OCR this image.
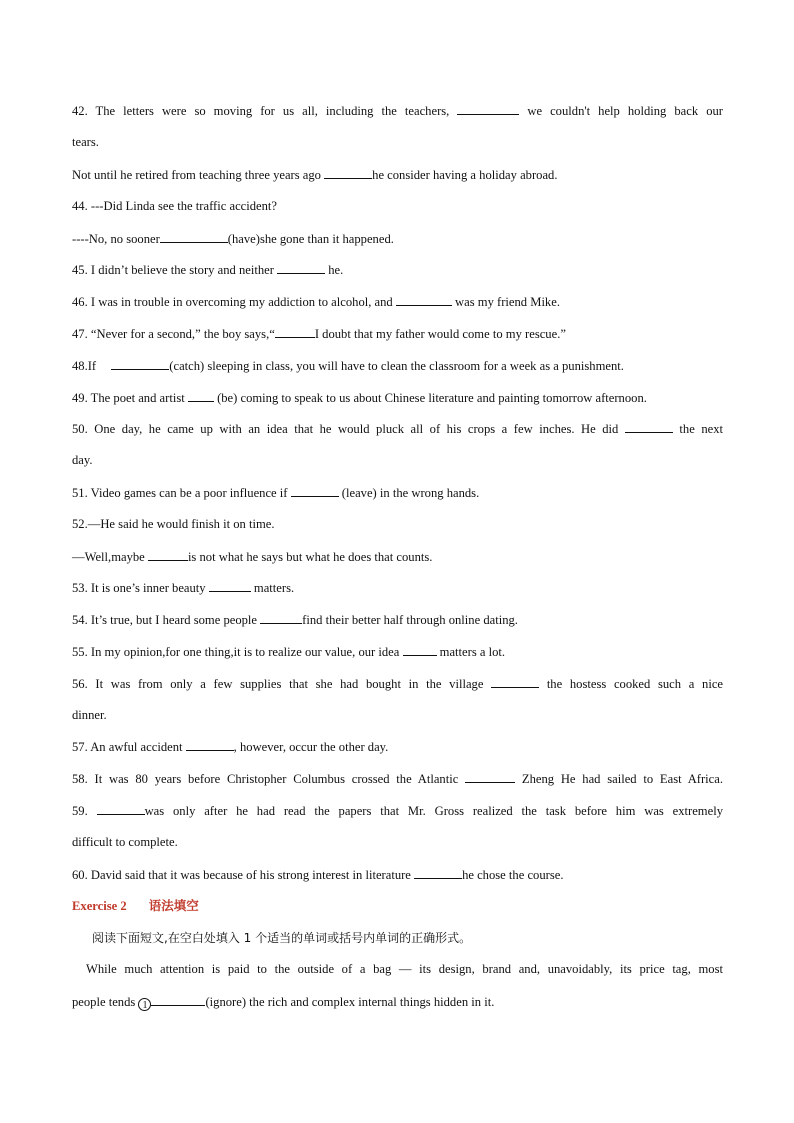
42. The letters were so moving for us all, including the teachers,	we couldn't help holding back our
tears.
Not until he retired from teaching three years ago	he consider having a holiday abroad.
44. ---Did Linda see the traffic accident?
----No, no sooner	(have)she gone than it happened.
45. I didn’t believe the story and neither	he.
46. I was in trouble in overcoming my addiction to alcohol, and	was my friend Mike.
47. “Never for a second,” the boy says,“	I doubt that my father would come to my rescue.”
48.If	(catch) sleeping in class, you will have to clean the classroom for a week as a punishment.
49. The poet and artist	(be) coming to speak to us about Chinese literature and painting tomorrow afternoon.
50. One day, he came up with an idea that he would pluck all of his crops a few inches. He did	the next
day.
51. Video games can be a poor influence if	(leave) in the wrong hands.
52.—He said he would finish it on time.
—Well,maybe	is not what he says but what he does that counts.
53. It is one’s inner beauty	matters.
54. It’s true, but I heard some people	find their better half through online dating.
55. In my opinion,for one thing,it is to realize our value, our idea	matters a lot.
56. It was from only a few supplies that she had bought in the village	the hostess cooked such a nice
dinner.
57. An awful accident	, however, occur the other day.
58. It was 80 years before Christopher Columbus crossed the Atlantic	Zheng He had sailed to East Africa.
59.	was only after he had read the papers that Mr. Gross realized the task before him was extremely
difficult to complete.
60. David said that it was because of his strong interest in literature	he chose the course.
Exercise 2 语法填空
阅读下面短文,在空白处填入 1 个适当的单词或括号内单词的正确形式。
While much attention is paid to the outside of a bag — its design, brand and, unavoidably, its price tag, most
people tends 1	(ignore) the rich and complex internal things hidden in it.
